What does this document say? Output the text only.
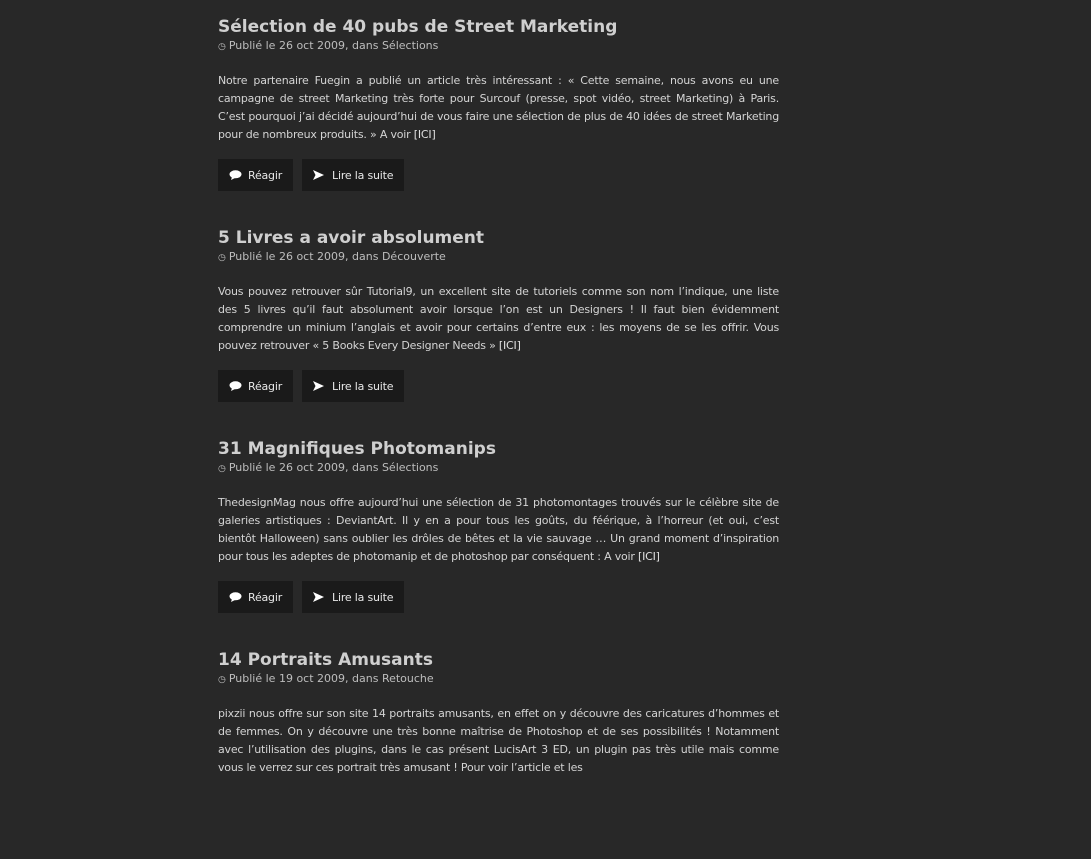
Sélection de 40 pubs de Street Marketing
◷ Publié le 26 oct 2009, dans Sélections

Notre partenaire Fuegin a publié un article très intéressant : « Cette semaine, nous avons eu une campagne de street Marketing très forte pour Surcouf (presse, spot vidéo, street Marketing) à Paris. C’est pourquoi j’ai décidé aujourd’hui de vous faire une sélection de plus de 40 idées de street Marketing pour de nombreux produits. » A voir [ICI]

Réagir	Lire la suite
5 Livres a avoir absolument
◷ Publié le 26 oct 2009, dans Découverte

Vous pouvez retrouver sûr Tutorial9, un excellent site de tutoriels comme son nom l’indique, une liste des 5 livres qu’il faut absolument avoir lorsque l’on est un Designers ! Il faut bien évidemment comprendre un minium l’anglais et avoir pour certains d’entre eux : les moyens de se les offrir. Vous pouvez retrouver « 5 Books Every Designer Needs » [ICI]

Réagir	Lire la suite
31 Magnifiques Photomanips
◷ Publié le 26 oct 2009, dans Sélections

ThedesignMag nous offre aujourd’hui une sélection de 31 photomontages trouvés sur le célèbre site de galeries artistiques : DeviantArt. Il y en a pour tous les goûts, du féérique, à l’horreur (et oui, c’est bientôt Halloween) sans oublier les drôles de bêtes et la vie sauvage … Un grand moment d’inspiration pour tous les adeptes de photomanip et de photoshop par conséquent : A voir [ICI]

Réagir	Lire la suite
14 Portraits Amusants
◷ Publié le 19 oct 2009, dans Retouche

pixzii nous offre sur son site 14 portraits amusants, en effet on y découvre des caricatures d’hommes et de femmes. On y découvre une très bonne maîtrise de Photoshop et de ses possibilités ! Notamment avec l’utilisation des plugins, dans le cas présent LucisArt 3 ED, un plugin pas très utile mais comme vous le verrez sur ces portrait très amusant ! Pour voir l’article et les
